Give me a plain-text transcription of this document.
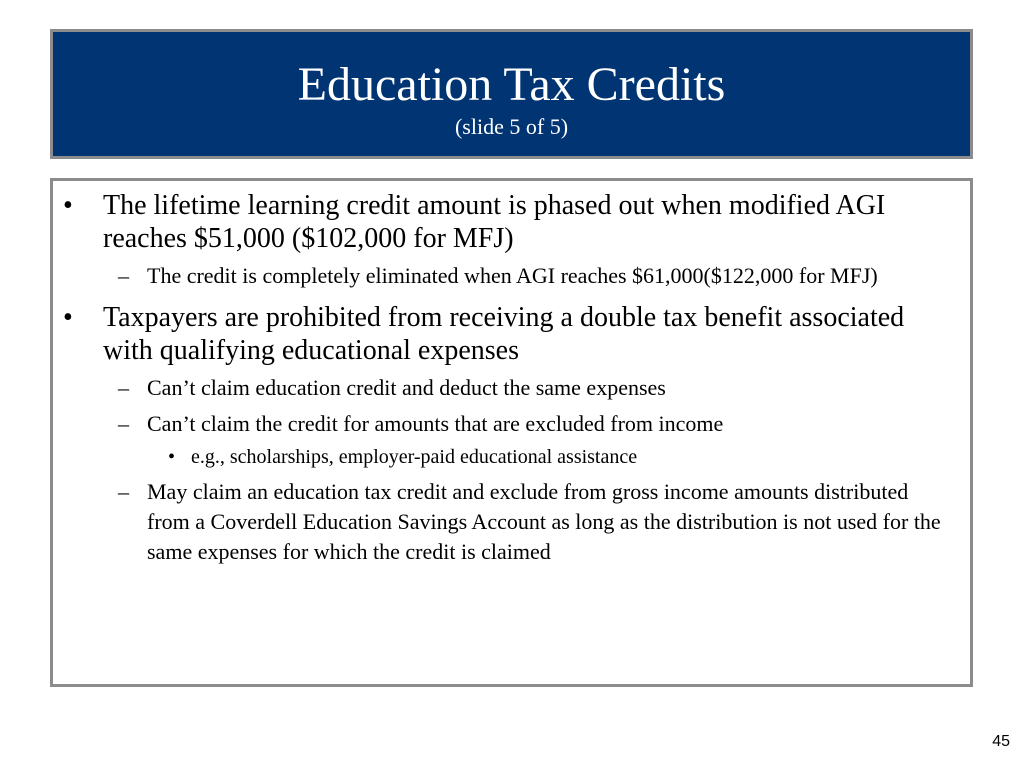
Education Tax Credits
(slide 5 of 5)
•	The lifetime learning credit amount is phased out when modified AGI reaches $51,000 ($102,000 for MFJ)
– The credit is completely eliminated when AGI reaches $61,000($122,000 for MFJ)
•	Taxpayers are prohibited from receiving a double tax benefit associated with qualifying educational expenses
– Can’t claim education credit and deduct the same expenses
– Can’t claim the credit for amounts that are excluded from income
• e.g., scholarships, employer-paid educational assistance
– May claim an education tax credit and exclude from gross income amounts distributed from a Coverdell Education Savings Account as long as the distribution is not used for the same expenses for which the credit is claimed
45
